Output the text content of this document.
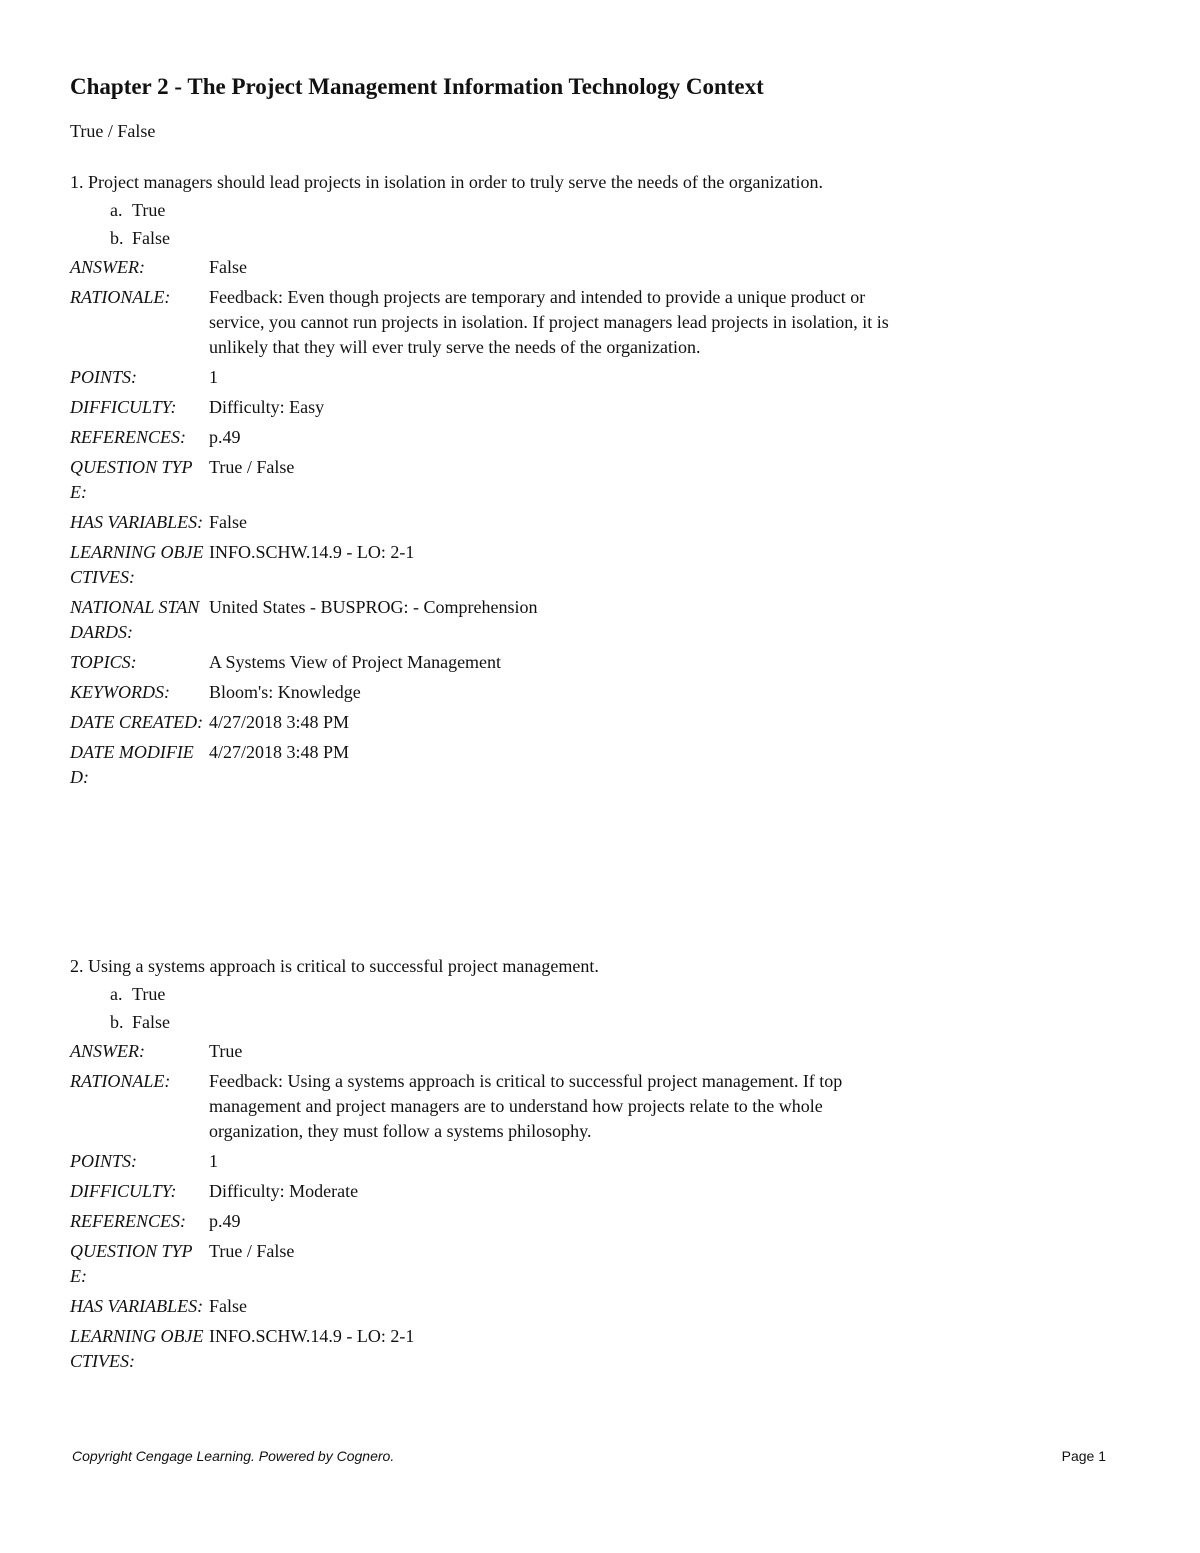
Chapter 2 - The Project Management Information Technology Context
True / False
1. Project managers should lead projects in isolation in order to truly serve the needs of the organization.
a. True
b. False
ANSWER:	False
RATIONALE:	Feedback: Even though projects are temporary and intended to provide a unique product or service, you cannot run projects in isolation. If project managers lead projects in isolation, it is unlikely that they will ever truly serve the needs of the organization.
POINTS:	1
DIFFICULTY:	Difficulty: Easy
REFERENCES:	p.49
QUESTION TYPE:
True / False
HAS VARIABLES: False
LEARNING OBJECTIVES:
INFO.SCHW.14.9 - LO: 2-1
NATIONAL STANDARDS:
United States - BUSPROG: - Comprehension
TOPICS:	A Systems View of Project Management
KEYWORDS:	Bloom's: Knowledge
DATE CREATED: 4/27/2018 3:48 PM
DATE MODIFIED:
4/27/2018 3:48 PM
2. Using a systems approach is critical to successful project management.
a. True
b. False
ANSWER:	True
RATIONALE:	Feedback: Using a systems approach is critical to successful project management. If top management and project managers are to understand how projects relate to the whole organization, they must follow a systems philosophy.
POINTS:	1
DIFFICULTY:	Difficulty: Moderate
REFERENCES:	p.49
QUESTION TYPE:
True / False
HAS VARIABLES: False
LEARNING OBJECTIVES:
INFO.SCHW.14.9 - LO: 2-1
Copyright Cengage Learning. Powered by Cognero.	Page 1
